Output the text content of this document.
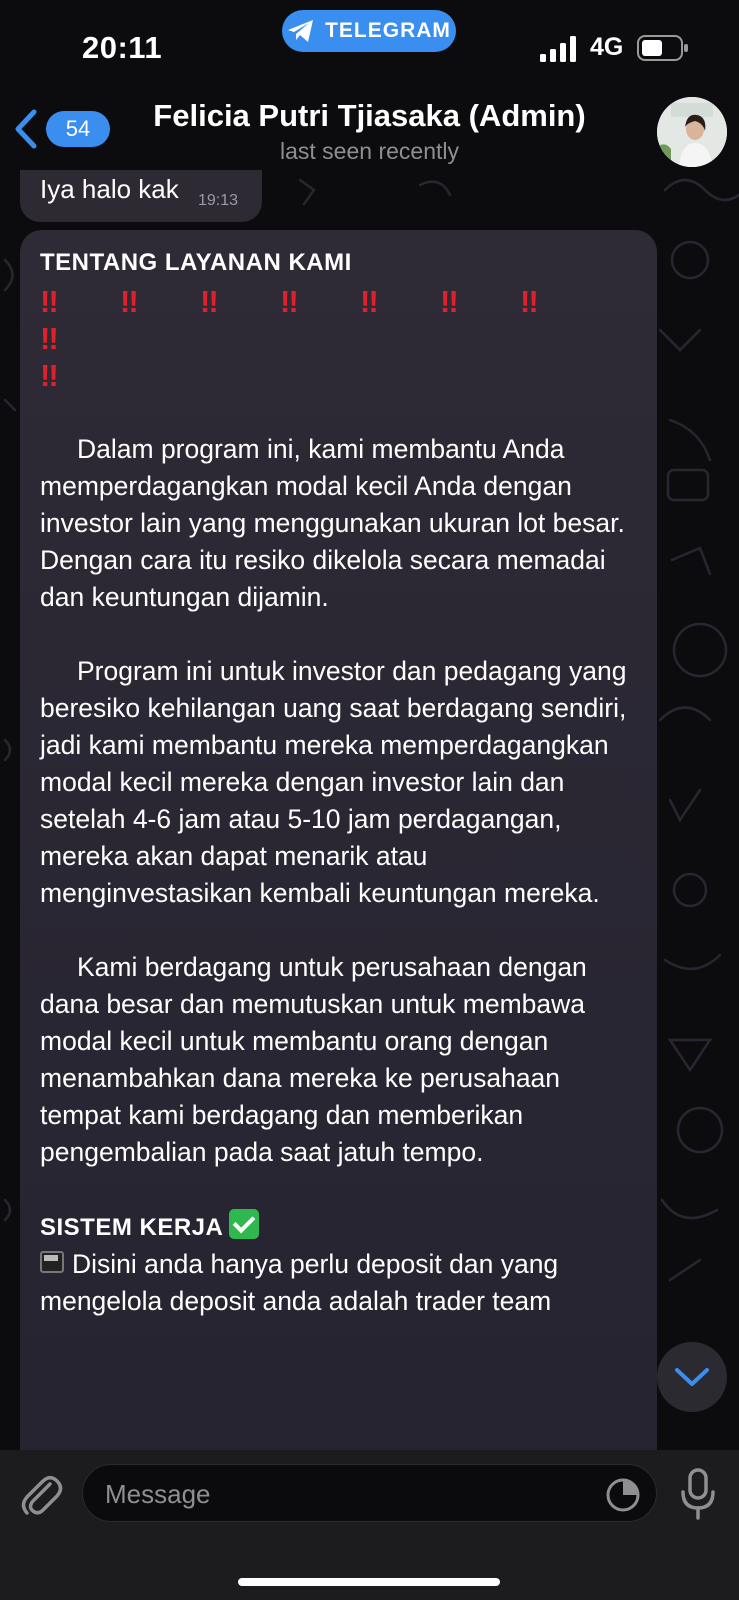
20:11	TELEGRAM
4G
54	Felicia Putri Tjiasaka (Admin)
last seen recently
Iya halo kak 19:13

TENTANG LAYANAN KAMI

‼ ‼ ‼ ‼ ‼ ‼ ‼‼
‼

Dalam program ini, kami membantu Anda memperdagangkan modal kecil Anda dengan investor lain yang menggunakan ukuran lot besar.

Dengan cara itu resiko dikelola secara memadai dan keuntungan dijamin.

Program ini untuk investor dan pedagang yang beresiko kehilangan uang saat berdagang sendiri, jadi kami membantu mereka memperdagangkan modal kecil mereka dengan investor lain dan setelah 4-6 jam atau 5-10 jam perdagangan, mereka akan dapat menarik atau menginvestasikan kembali keuntungan mereka.

Kami berdagang untuk perusahaan dengan dana besar dan memutuskan untuk membawa modal kecil untuk membantu orang dengan menambahkan dana mereka ke perusahaan tempat kami berdagang dan memberikan pengembalian pada saat jatuh tempo.

SISTEM KERJA

Disini anda hanya perlu deposit dan yang mengelola deposit anda adalah trader team

Message
